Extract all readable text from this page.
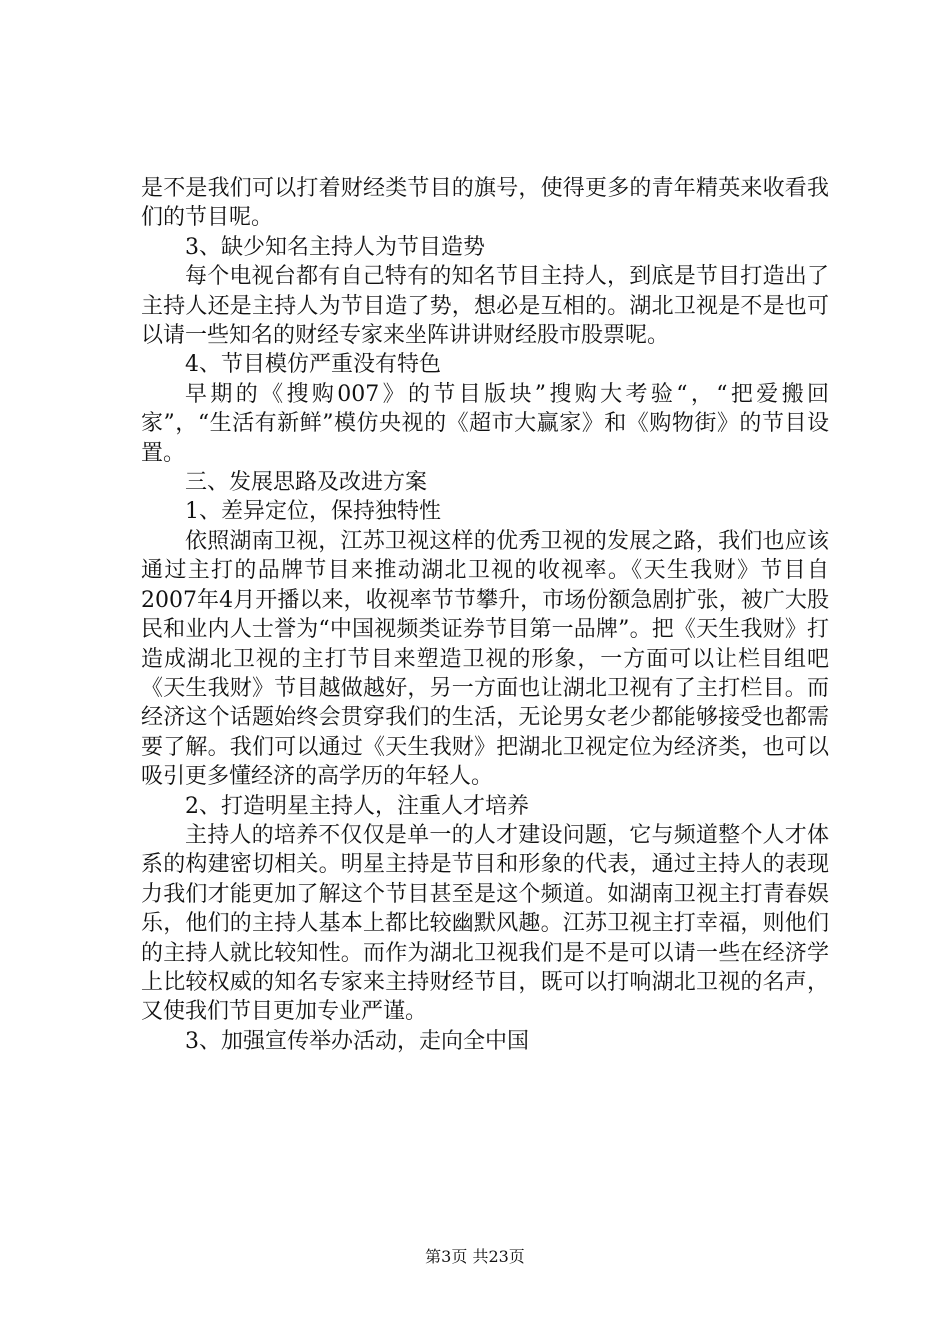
是不是我们可以打着财经类节目的旗号，使得更多的青年精英来收看我们的节目呢。

3、缺少知名主持人为节目造势

每个电视台都有自己特有的知名节目主持人，到底是节目打造出了主持人还是主持人为节目造了势，想必是互相的。湖北卫视是不是也可以请一些知名的财经专家来坐阵讲讲财经股市股票呢。

4、节目模仿严重没有特色

早期的《搜购007》的节目版块”搜购大考验“，“把爱搬回家”，“生活有新鲜”模仿央视的《超市大赢家》和《购物街》的节目设置。

三、发展思路及改进方案

1、差异定位，保持独特性

依照湖南卫视，江苏卫视这样的优秀卫视的发展之路，我们也应该通过主打的品牌节目来推动湖北卫视的收视率。《天生我财》节目自2007年4月开播以来，收视率节节攀升，市场份额急剧扩张，被广大股民和业内人士誉为“中国视频类证券节目第一品牌”。把《天生我财》打造成湖北卫视的主打节目来塑造卫视的形象，一方面可以让栏目组吧《天生我财》节目越做越好，另一方面也让湖北卫视有了主打栏目。而经济这个话题始终会贯穿我们的生活，无论男女老少都能够接受也都需要了解。我们可以通过《天生我财》把湖北卫视定位为经济类，也可以吸引更多懂经济的高学历的年轻人。

2、打造明星主持人，注重人才培养

主持人的培养不仅仅是单一的人才建设问题，它与频道整个人才体系的构建密切相关。明星主持是节目和形象的代表，通过主持人的表现力我们才能更加了解这个节目甚至是这个频道。如湖南卫视主打青春娱乐，他们的主持人基本上都比较幽默风趣。江苏卫视主打幸福，则他们的主持人就比较知性。而作为湖北卫视我们是不是可以请一些在经济学上比较权威的知名专家来主持财经节目，既可以打响湖北卫视的名声，又使我们节目更加专业严谨。

3、加强宣传举办活动，走向全中国

第3页 共23页
